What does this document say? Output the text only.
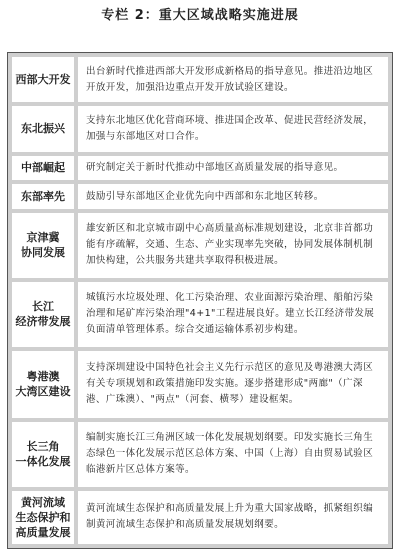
专栏 2：重大区域战略实施进展
西部大开发
出台新时代推进西部大开发形成新格局的指导意见。推进沿边地区开放开发，加强沿边重点开发开放试验区建设。
东北振兴
支持东北地区优化营商环境、推进国企改革、促进民营经济发展，加强与东部地区对口合作。
中部崛起	研究制定关于新时代推动中部地区高质量发展的指导意见。
东部率先	鼓励引导东部地区企业优先向中西部和东北地区转移。
京津冀
协同发展
雄安新区和北京城市副中心高质量高标准规划建设，北京非首都功能有序疏解，交通、生态、产业实现率先突破，协同发展体制机制加快构建，公共服务共建共享取得积极进展。
长江
经济带发展
城镇污水垃圾处理、化工污染治理、农业面源污染治理、船舶污染治理和尾矿库污染治理"4+1"工程进展良好。建立长江经济带发展负面清单管理体系。综合交通运输体系初步构建。
粤港澳
大湾区建设
支持深圳建设中国特色社会主义先行示范区的意见及粤港澳大湾区有关专项规划和政策措施印发实施。逐步搭建形成"两廊"（广深港、广珠澳）、"两点"（河套、横琴）建设框架。
长三角
一体化发展
编制实施长江三角洲区域一体化发展规划纲要。印发实施长三角生态绿色一体化发展示范区总体方案、中国（上海）自由贸易试验区临港新片区总体方案等。
黄河流域
生态保护和
高质量发展
黄河流域生态保护和高质量发展上升为重大国家战略，抓紧组织编制黄河流域生态保护和高质量发展规划纲要。
